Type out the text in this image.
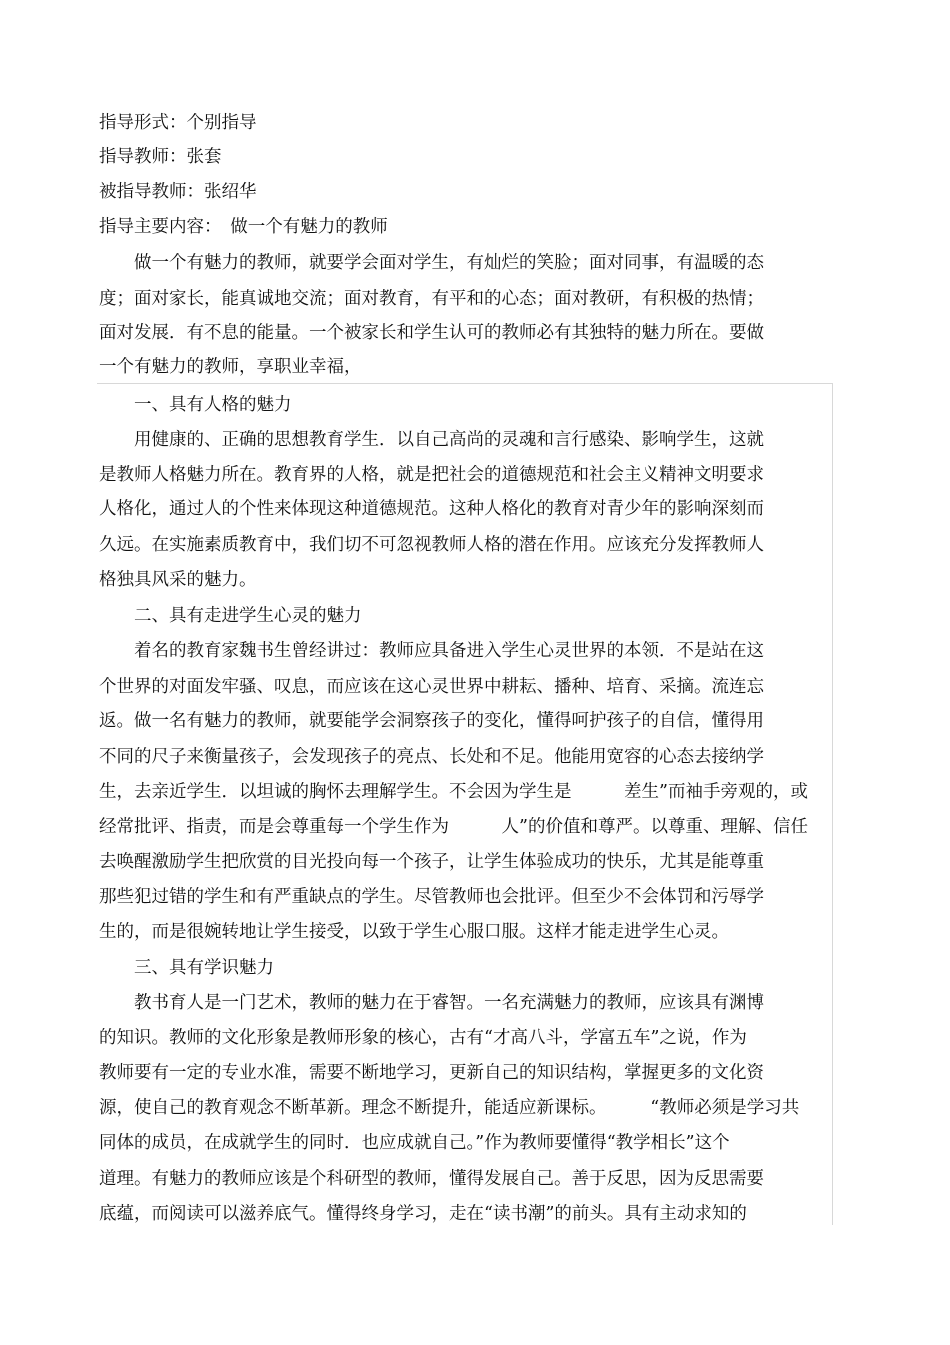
指导形式：个别指导

指导教师：张套

被指导教师：张绍华

指导主要内容：　做一个有魅力的教师

　　做一个有魅力的教师，就要学会面对学生，有灿烂的笑脸；面对同事，有温暖的态

度；面对家长，能真诚地交流；面对教育，有平和的心态；面对教研，有积极的热情；

面对发展．有不息的能量。一个被家长和学生认可的教师必有其独特的魅力所在。要做

一个有魅力的教师，享职业幸福，

　　一、具有人格的魅力

　　用健康的、正确的思想教育学生．以自己高尚的灵魂和言行感染、影响学生，这就

是教师人格魅力所在。教育界的人格，就是把社会的道德规范和社会主义精神文明要求

人格化，通过人的个性来体现这种道德规范。这种人格化的教育对青少年的影响深刻而

久远。在实施素质教育中，我们切不可忽视教师人格的潜在作用。应该充分发挥教师人

格独具风采的魅力。

　　二、具有走进学生心灵的魅力

　　着名的教育家魏书生曾经讲过：教师应具备进入学生心灵世界的本领．不是站在这

个世界的对面发牢骚、叹息，而应该在这心灵世界中耕耘、播种、培育、采摘。流连忘

返。做一名有魅力的教师，就要能学会洞察孩子的变化，懂得呵护孩子的自信，懂得用

不同的尺子来衡量孩子，会发现孩子的亮点、长处和不足。他能用宽容的心态去接纳学

生，去亲近学生．以坦诚的胸怀去理解学生。不会因为学生是　　　差生”而袖手旁观的，或

经常批评、指责，而是会尊重每一个学生作为　　　人”的价值和尊严。以尊重、理解、信任

去唤醒激励学生把欣赏的目光投向每一个孩子，让学生体验成功的快乐，尤其是能尊重

那些犯过错的学生和有严重缺点的学生。尽管教师也会批评。但至少不会体罚和污辱学

生的，而是很婉转地让学生接受，以致于学生心服口服。这样才能走进学生心灵。

　　三、具有学识魅力

　　教书育人是一门艺术，教师的魅力在于睿智。一名充满魅力的教师，应该具有渊博

的知识。教师的文化形象是教师形象的核心，古有“才高八斗，学富五车”之说，作为

教师要有一定的专业水准，需要不断地学习，更新自己的知识结构，掌握更多的文化资

源，使自己的教育观念不断革新。理念不断提升，能适应新课标。　　　“教师必须是学习共

同体的成员，在成就学生的同时．也应成就自己。”作为教师要懂得“教学相长”这个

道理。有魅力的教师应该是个科研型的教师，懂得发展自己。善于反思，因为反思需要

底蕴，而阅读可以滋养底气。懂得终身学习，走在“读书潮”的前头。具有主动求知的
